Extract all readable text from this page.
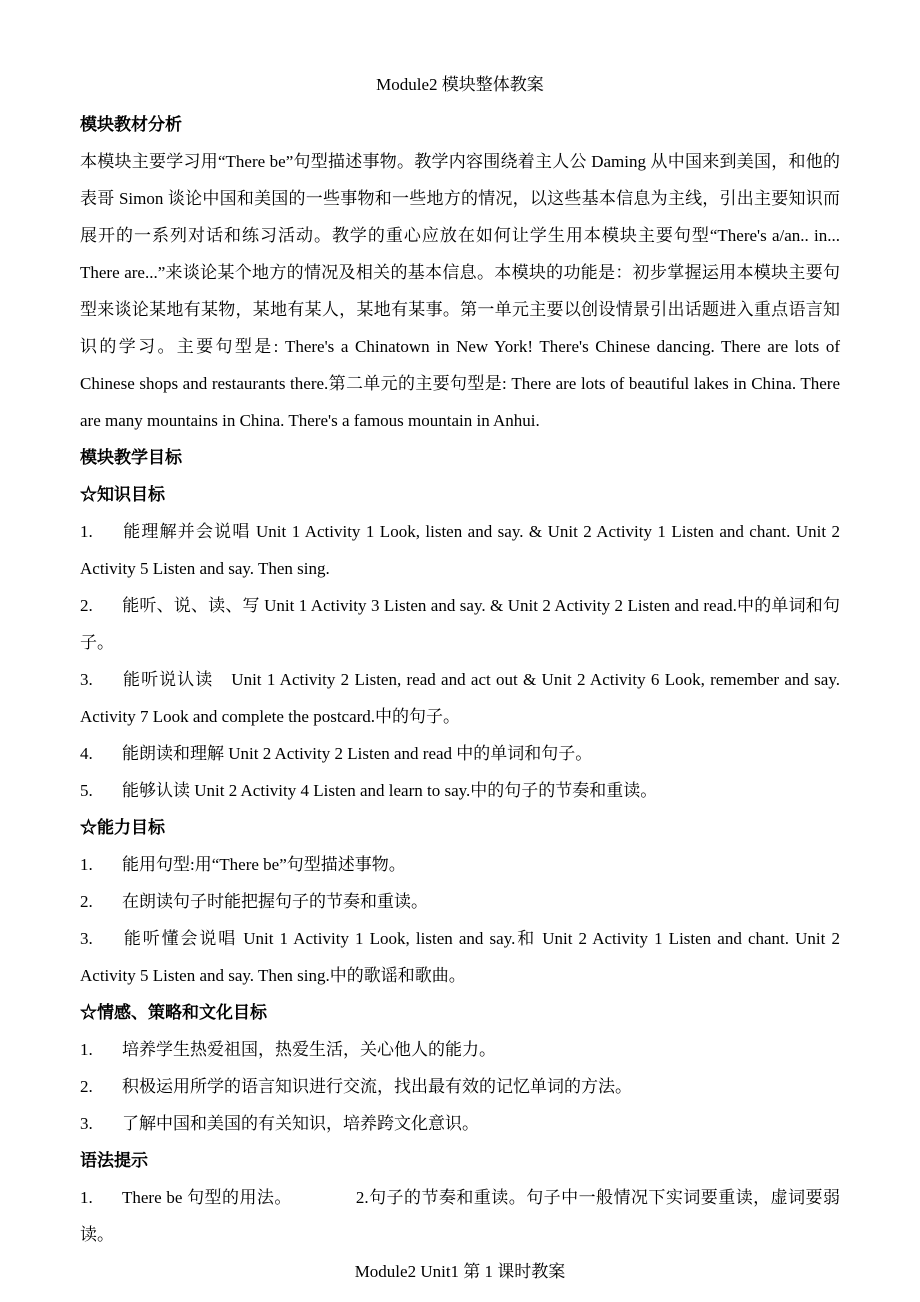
Module2 模块整体教案

模块教材分析

本模块主要学习用“There be”句型描述事物。教学内容围绕着主人公 Daming 从中国来到美国，和他的表哥 Simon 谈论中国和美国的一些事物和一些地方的情况，以这些基本信息为主线，引出主要知识而展开的一系列对话和练习活动。教学的重心应放在如何让学生用本模块主要句型“There's a/an.. in... There are...”来谈论某个地方的情况及相关的基本信息。本模块的功能是：初步掌握运用本模块主要句型来谈论某地有某物，某地有某人，某地有某事。第一单元主要以创设情景引出话题进入重点语言知识的学习。主要句型是: There's a Chinatown in New York! There's Chinese dancing. There are lots of Chinese shops and restaurants there.第二单元的主要句型是: There are lots of beautiful lakes in China. There are many mountains in China. There's a famous mountain in Anhui.

模块教学目标

☆知识目标

1. 能理解并会说唱 Unit 1 Activity 1 Look, listen and say. & Unit 2 Activity 1 Listen and chant. Unit 2 Activity 5 Listen and say. Then sing.

2. 能听、说、读、写 Unit 1 Activity 3 Listen and say. & Unit 2 Activity 2 Listen and read.中的单词和句子。

3. 能听说认读　Unit 1 Activity 2 Listen, read and act out & Unit 2 Activity 6 Look, remember and say. Activity 7 Look and complete the postcard.中的句子。

4. 能朗读和理解 Unit 2 Activity 2 Listen and read 中的单词和句子。

5. 能够认读 Unit 2 Activity 4 Listen and learn to say.中的句子的节奏和重读。

☆能力目标

1. 能用句型:用“There be”句型描述事物。

2. 在朗读句子时能把握句子的节奏和重读。

3. 能听懂会说唱 Unit 1 Activity 1 Look, listen and say.和 Unit 2 Activity 1 Listen and chant. Unit 2 Activity 5 Listen and say. Then sing.中的歌谣和歌曲。

☆情感、策略和文化目标

1. 培养学生热爱祖国，热爱生活，关心他人的能力。

2. 积极运用所学的语言知识进行交流，找出最有效的记忆单词的方法。

3. 了解中国和美国的有关知识，培养跨文化意识。

语法提示

1. There be 句型的用法。	2.句子的节奏和重读。句子中一般情况下实词要重读，虚词要弱读。

Module2 Unit1 第 1 课时教案
